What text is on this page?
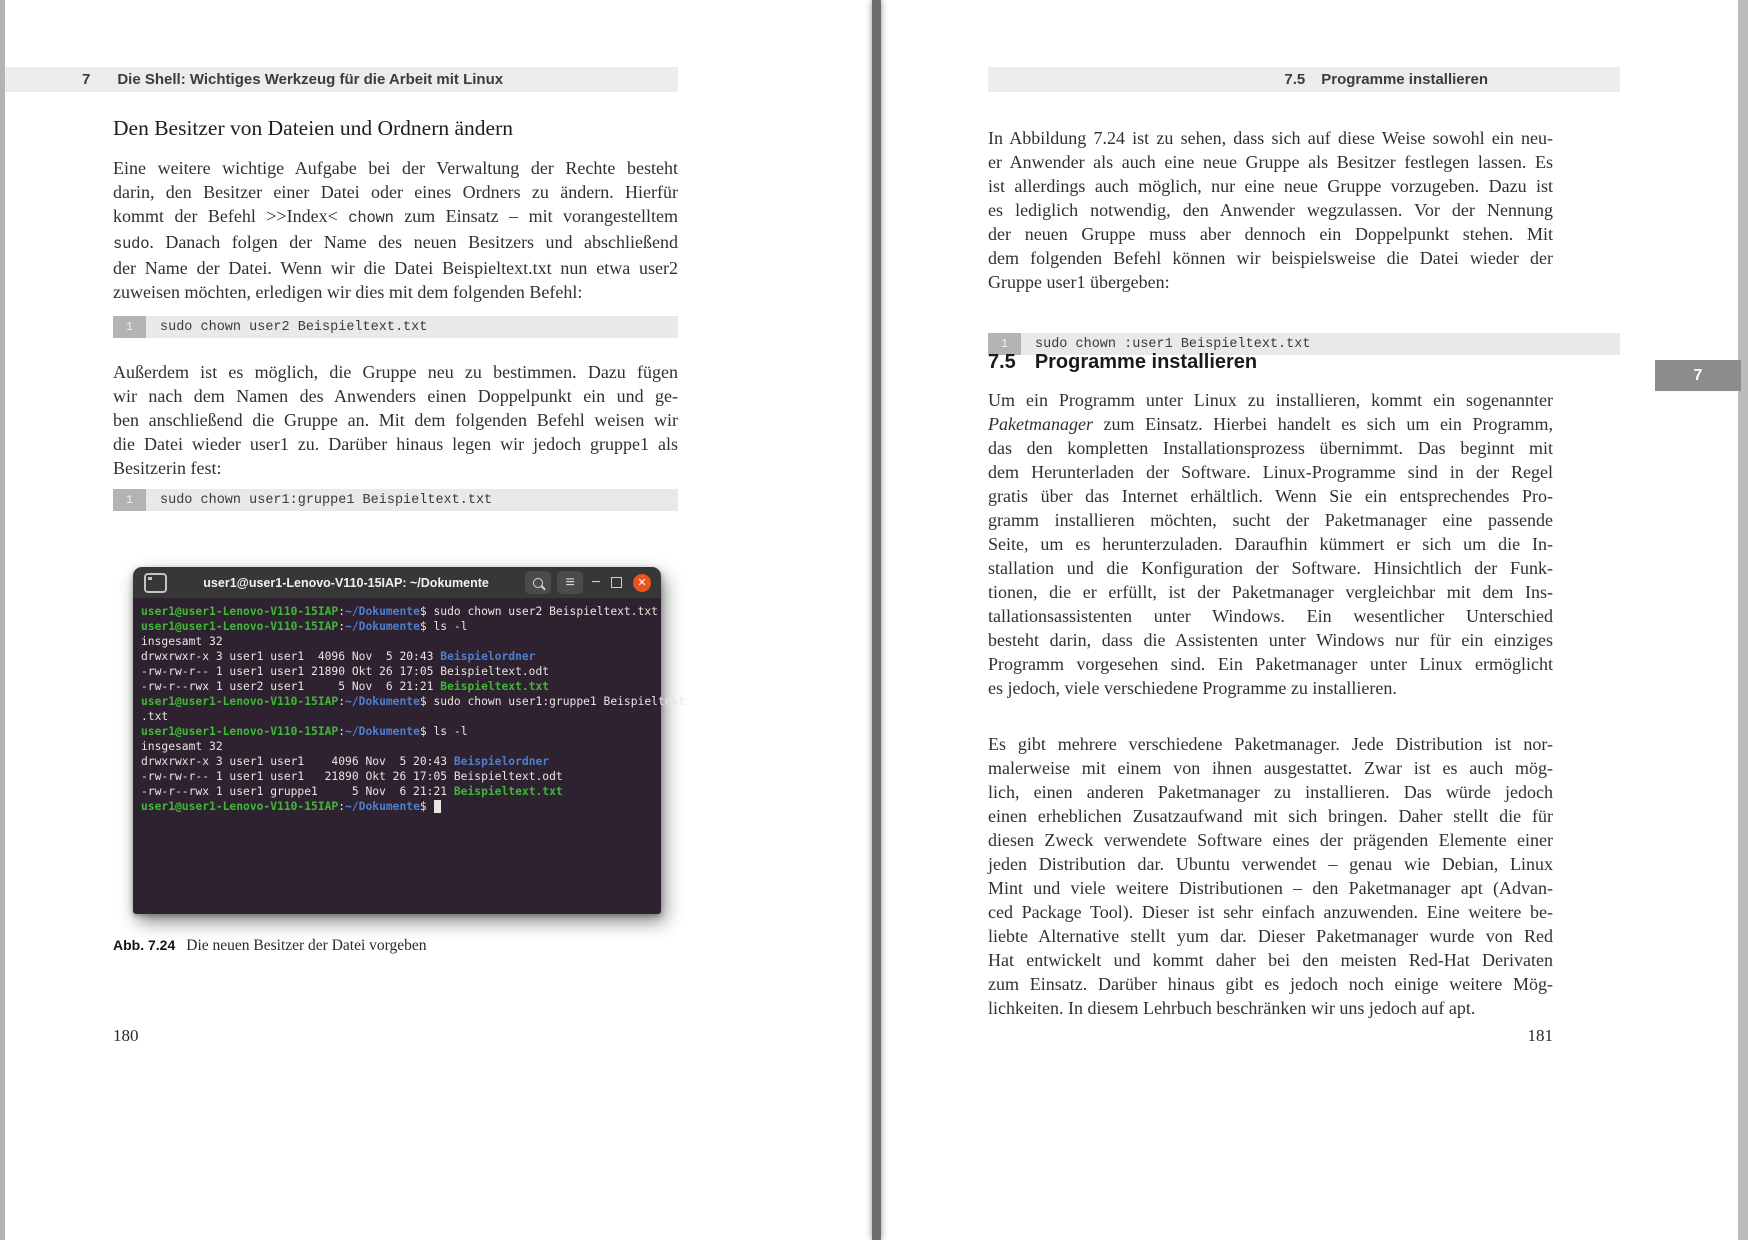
7 Die Shell: Wichtiges Werkzeug für die Arbeit mit Linux
Den Besitzer von Dateien und Ordnern ändern
Eine weitere wichtige Aufgabe bei der Verwaltung der Rechte besteht
darin, den Besitzer einer Datei oder eines Ordners zu ändern. Hierfür
kommt der Befehl >>Index< chown zum Einsatz – mit vorangestelltem
sudo. Danach folgen der Name des neuen Besitzers und abschließend
der Name der Datei. Wenn wir die Datei Beispieltext.txt nun etwa user2
zuweisen möchten, erledigen wir dies mit dem folgenden Befehl:
1	sudo chown user2 Beispieltext.txt
Außerdem ist es möglich, die Gruppe neu zu bestimmen. Dazu fügen
wir nach dem Namen des Anwenders einen Doppelpunkt ein und ge-
ben anschließend die Gruppe an. Mit dem folgenden Befehl weisen wir
die Datei wieder user1 zu. Darüber hinaus legen wir jedoch gruppe1 als
Besitzerin fest:
1	sudo chown user1:gruppe1 Beispieltext.txt
user1@user1-Lenovo-V110-15IAP: ~/Dokumente	≡ ─	✕
user1@user1-Lenovo-V110-15IAP:~/Dokumente$ sudo chown user2 Beispieltext.txt
user1@user1-Lenovo-V110-15IAP:~/Dokumente$ ls -l
insgesamt 32
drwxrwxr-x 3 user1 user1  4096 Nov  5 20:43 Beispielordner
-rw-rw-r-- 1 user1 user1 21890 Okt 26 17:05 Beispieltext.odt
-rw-r--rwx 1 user2 user1     5 Nov  6 21:21 Beispieltext.txt
user1@user1-Lenovo-V110-15IAP:~/Dokumente$ sudo chown user1:gruppe1 Beispieltext
.txt
user1@user1-Lenovo-V110-15IAP:~/Dokumente$ ls -l
insgesamt 32
drwxrwxr-x 3 user1 user1    4096 Nov  5 20:43 Beispielordner
-rw-rw-r-- 1 user1 user1   21890 Okt 26 17:05 Beispieltext.odt
-rw-r--rwx 1 user1 gruppe1     5 Nov  6 21:21 Beispieltext.txt
user1@user1-Lenovo-V110-15IAP:~/Dokumente$
Abb. 7.24 Die neuen Besitzer der Datei vorgeben
180
7.5 Programme installieren
In Abbildung 7.24 ist zu sehen, dass sich auf diese Weise sowohl ein neu-
er Anwender als auch eine neue Gruppe als Besitzer festlegen lassen. Es
ist allerdings auch möglich, nur eine neue Gruppe vorzugeben. Dazu ist
es lediglich notwendig, den Anwender wegzulassen. Vor der Nennung
der neuen Gruppe muss aber dennoch ein Doppelpunkt stehen. Mit
dem folgenden Befehl können wir beispielsweise die Datei wieder der
Gruppe user1 übergeben:
1	sudo chown :user1 Beispieltext.txt
7
7.5 Programme installieren
Um ein Programm unter Linux zu installieren, kommt ein sogenannter
Paketmanager zum Einsatz. Hierbei handelt es sich um ein Programm,
das den kompletten Installationsprozess übernimmt. Das beginnt mit
dem Herunterladen der Software. Linux-Programme sind in der Regel
gratis über das Internet erhältlich. Wenn Sie ein entsprechendes Pro-
gramm installieren möchten, sucht der Paketmanager eine passende
Seite, um es herunterzuladen. Daraufhin kümmert er sich um die In-
stallation und die Konfiguration der Software. Hinsichtlich der Funk-
tionen, die er erfüllt, ist der Paketmanager vergleichbar mit dem Ins-
tallationsassistenten unter Windows. Ein wesentlicher Unterschied
besteht darin, dass die Assistenten unter Windows nur für ein einziges
Programm vorgesehen sind. Ein Paketmanager unter Linux ermöglicht
es jedoch, viele verschiedene Programme zu installieren.
Es gibt mehrere verschiedene Paketmanager. Jede Distribution ist nor-
malerweise mit einem von ihnen ausgestattet. Zwar ist es auch mög-
lich, einen anderen Paketmanager zu installieren. Das würde jedoch
einen erheblichen Zusatzaufwand mit sich bringen. Daher stellt die für
diesen Zweck verwendete Software eines der prägenden Elemente einer
jeden Distribution dar. Ubuntu verwendet – genau wie Debian, Linux
Mint und viele weitere Distributionen – den Paketmanager apt (Advan-
ced Package Tool). Dieser ist sehr einfach anzuwenden. Eine weitere be-
liebte Alternative stellt yum dar. Dieser Paketmanager wurde von Red
Hat entwickelt und kommt daher bei den meisten Red-Hat Derivaten
zum Einsatz. Darüber hinaus gibt es jedoch noch einige weitere Mög-
lichkeiten. In diesem Lehrbuch beschränken wir uns jedoch auf apt.
181
